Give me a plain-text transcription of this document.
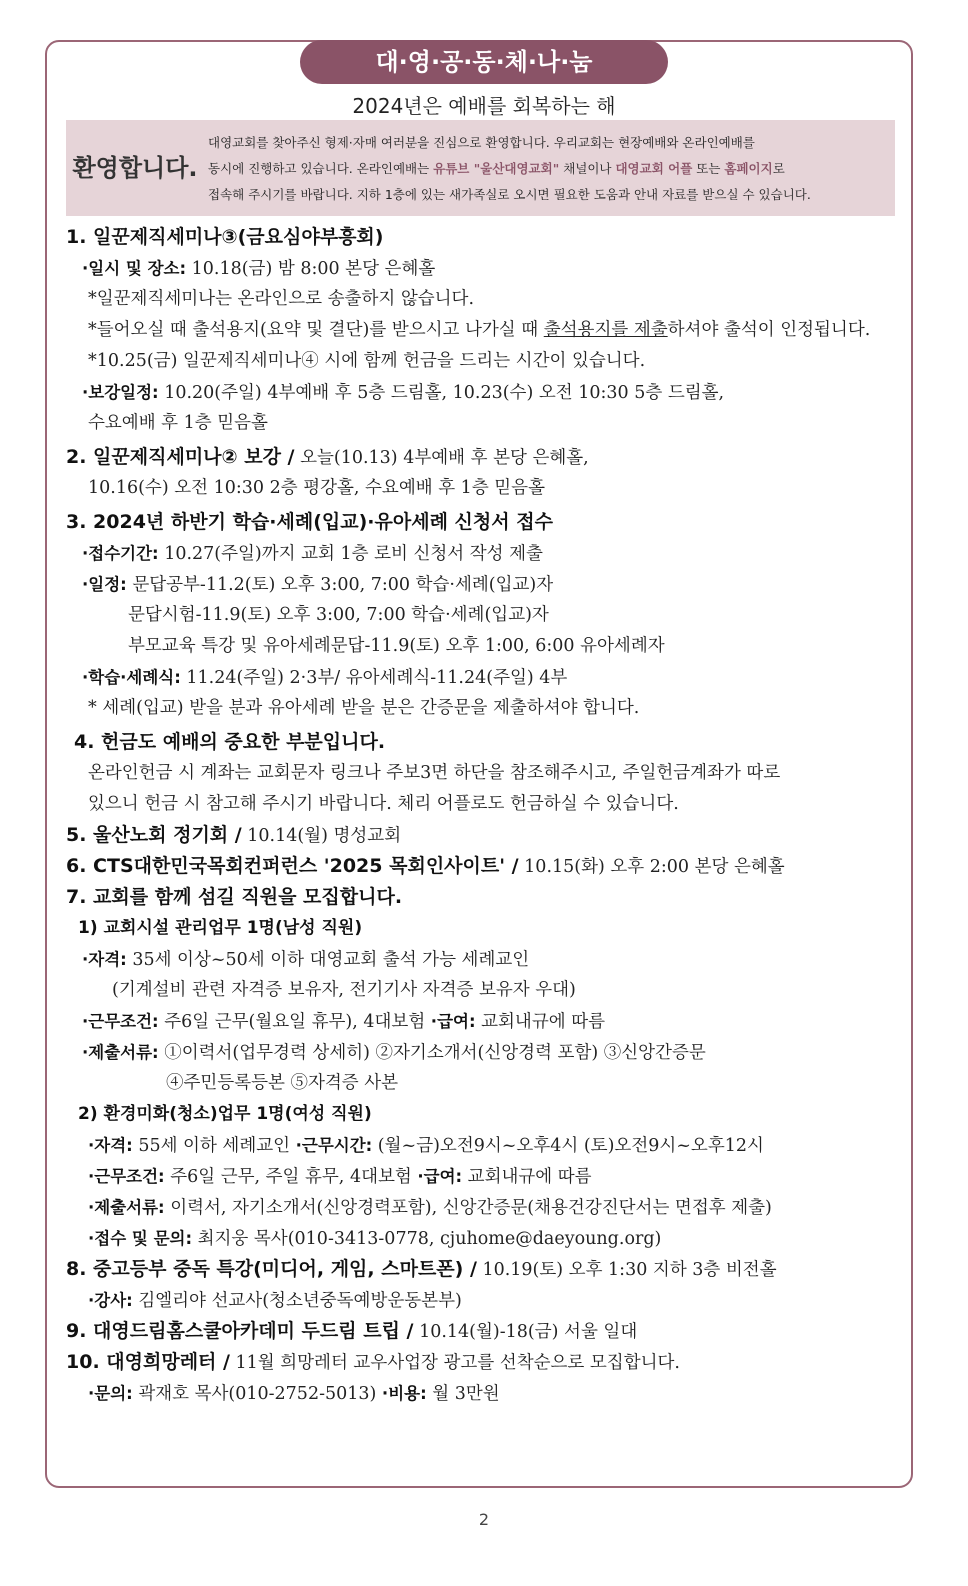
대·영·공·동·체·나·눔
2024년은 예배를 회복하는 해
환영합니다.
대영교회를 찾아주신 형제·자매 여러분을 진심으로 환영합니다. 우리교회는 현장예배와 온라인예배를
동시에 진행하고 있습니다. 온라인예배는 유튜브 "울산대영교회" 채널이나 대영교회 어플 또는 홈페이지로
접속해 주시기를 바랍니다. 지하 1층에 있는 새가족실로 오시면 필요한 도움과 안내 자료를 받으실 수 있습니다.
1. 일꾼제직세미나③(금요심야부흥회)
·일시 및 장소: 10.18(금) 밤 8:00 본당 은혜홀
*일꾼제직세미나는 온라인으로 송출하지 않습니다.
*들어오실 때 출석용지(요약 및 결단)를 받으시고 나가실 때 출석용지를 제출하셔야 출석이 인정됩니다.
*10.25(금) 일꾼제직세미나④ 시에 함께 헌금을 드리는 시간이 있습니다.
·보강일정: 10.20(주일) 4부예배 후 5층 드림홀, 10.23(수) 오전 10:30 5층 드림홀,
수요예배 후 1층 믿음홀
2. 일꾼제직세미나② 보강 / 오늘(10.13) 4부예배 후 본당 은혜홀,
10.16(수) 오전 10:30 2층 평강홀, 수요예배 후 1층 믿음홀
3. 2024년 하반기 학습·세례(입교)·유아세례 신청서 접수
·접수기간: 10.27(주일)까지 교회 1층 로비 신청서 작성 제출
·일정: 문답공부-11.2(토) 오후 3:00, 7:00 학습·세례(입교)자
문답시험-11.9(토) 오후 3:00, 7:00 학습·세례(입교)자
부모교육 특강 및 유아세례문답-11.9(토) 오후 1:00, 6:00 유아세례자
·학습·세례식: 11.24(주일) 2·3부/ 유아세례식-11.24(주일) 4부
* 세례(입교) 받을 분과 유아세례 받을 분은 간증문을 제출하셔야 합니다.
4. 헌금도 예배의 중요한 부분입니다.
온라인헌금 시 계좌는 교회문자 링크나 주보3면 하단을 참조해주시고, 주일헌금계좌가 따로
있으니 헌금 시 참고해 주시기 바랍니다. 체리 어플로도 헌금하실 수 있습니다.
5. 울산노회 정기회 / 10.14(월) 명성교회
6. CTS대한민국목회컨퍼런스 '2025 목회인사이트' / 10.15(화) 오후 2:00 본당 은혜홀
7. 교회를 함께 섬길 직원을 모집합니다.
1) 교회시설 관리업무 1명(남성 직원)
·자격: 35세 이상~50세 이하 대영교회 출석 가능 세례교인
(기계설비 관련 자격증 보유자, 전기기사 자격증 보유자 우대)
·근무조건: 주6일 근무(월요일 휴무), 4대보험 ·급여: 교회내규에 따름
·제출서류: ①이력서(업무경력 상세히) ②자기소개서(신앙경력 포함) ③신앙간증문
④주민등록등본 ⑤자격증 사본
2) 환경미화(청소)업무 1명(여성 직원)
·자격: 55세 이하 세례교인 ·근무시간: (월~금)오전9시~오후4시 (토)오전9시~오후12시
·근무조건: 주6일 근무, 주일 휴무, 4대보험 ·급여: 교회내규에 따름
·제출서류: 이력서, 자기소개서(신앙경력포함), 신앙간증문(채용건강진단서는 면접후 제출)
·접수 및 문의: 최지웅 목사(010-3413-0778, cjuhome@daeyoung.org)
8. 중고등부 중독 특강(미디어, 게임, 스마트폰) / 10.19(토) 오후 1:30 지하 3층 비전홀
·강사: 김엘리야 선교사(청소년중독예방운동본부)
9. 대영드림홈스쿨아카데미 두드림 트립 / 10.14(월)-18(금) 서울 일대
10. 대영희망레터 / 11월 희망레터 교우사업장 광고를 선착순으로 모집합니다.
·문의: 곽재호 목사(010-2752-5013) ·비용: 월 3만원
2
